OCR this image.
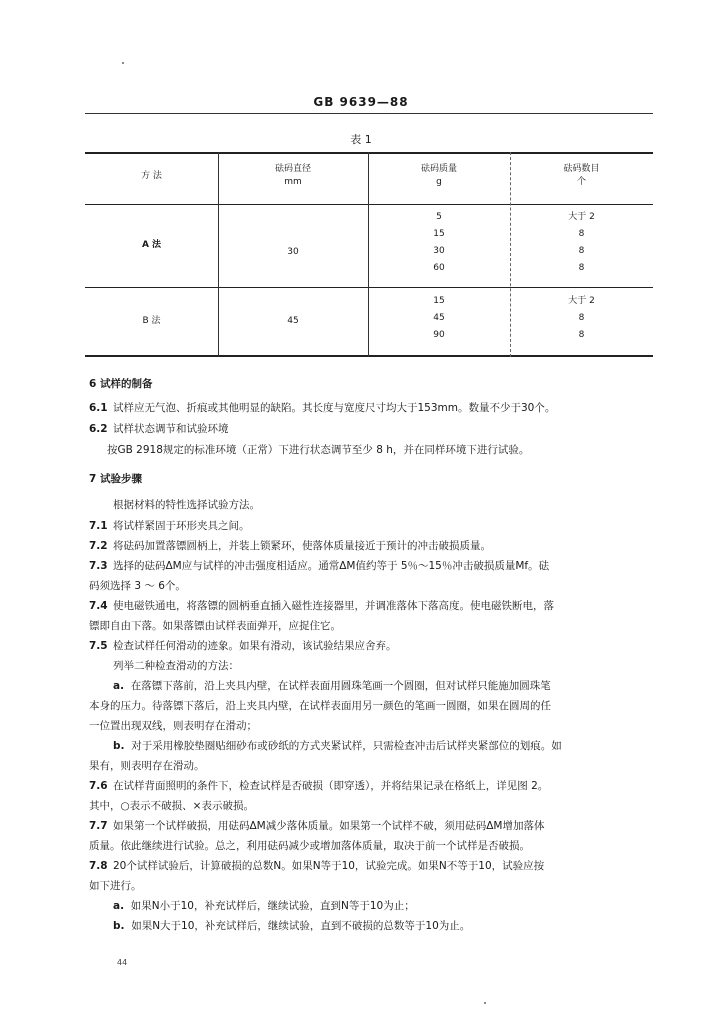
GB 9639—88
表 1
方 法
砝码直径
mm
砝码质量
g
砝码数目
个
A 法
30
5
15
30
60
大于 2
8
8
8
B 法	45
15
45
90
大于 2
8
8
6 试样的制备
6.1 试样应无气泡、折痕或其他明显的缺陷。其长度与宽度尺寸均大于153mm。数量不少于30个。
6.2 试样状态调节和试验环境
按GB 2918规定的标准环境（正常）下进行状态调节至少 8 h，并在同样环境下进行试验。
7 试验步骤
根据材料的特性选择试验方法。
7.1 将试样紧固于环形夹具之间。
7.2 将砝码加置落镖圆柄上，并装上锁紧环，使落体质量接近于预计的冲击破损质量。
7.3 选择的砝码ΔM应与试样的冲击强度相适应。通常ΔM值约等于 5％～15％冲击破损质量Mf。砝
码须选择 3 ～ 6个。
7.4 使电磁铁通电，将落镖的圆柄垂直插入磁性连接器里，并调准落体下落高度。使电磁铁断电，落
镖即自由下落。如果落镖由试样表面弹开，应捉住它。
7.5 检查试样任何滑动的迹象。如果有滑动，该试验结果应舍弃。
列举二种检查滑动的方法：
a. 在落镖下落前，沿上夹具内壁，在试样表面用圆珠笔画一个圆圈，但对试样只能施加圆珠笔
本身的压力。待落镖下落后，沿上夹具内壁，在试样表面用另一颜色的笔画一圆圈，如果在圆周的任
一位置出现双线，则表明存在滑动；
b. 对于采用橡胶垫圈贴细砂布或砂纸的方式夹紧试样，只需检查冲击后试样夹紧部位的划痕。如
果有，则表明存在滑动。
7.6 在试样背面照明的条件下，检查试样是否破损（即穿透），并将结果记录在格纸上，详见图 2。
其中，○表示不破损、×表示破损。
7.7 如果第一个试样破损，用砝码ΔM减少落体质量。如果第一个试样不破，须用砝码ΔM增加落体
质量。依此继续进行试验。总之，利用砝码减少或增加落体质量，取决于前一个试样是否破损。
7.8 20个试样试验后，计算破损的总数N。如果N等于10，试验完成。如果N不等于10，试验应按
如下进行。
a. 如果N小于10，补充试样后，继续试验，直到N等于10为止；
b. 如果N大于10，补充试样后，继续试验，直到不破损的总数等于10为止。
44
